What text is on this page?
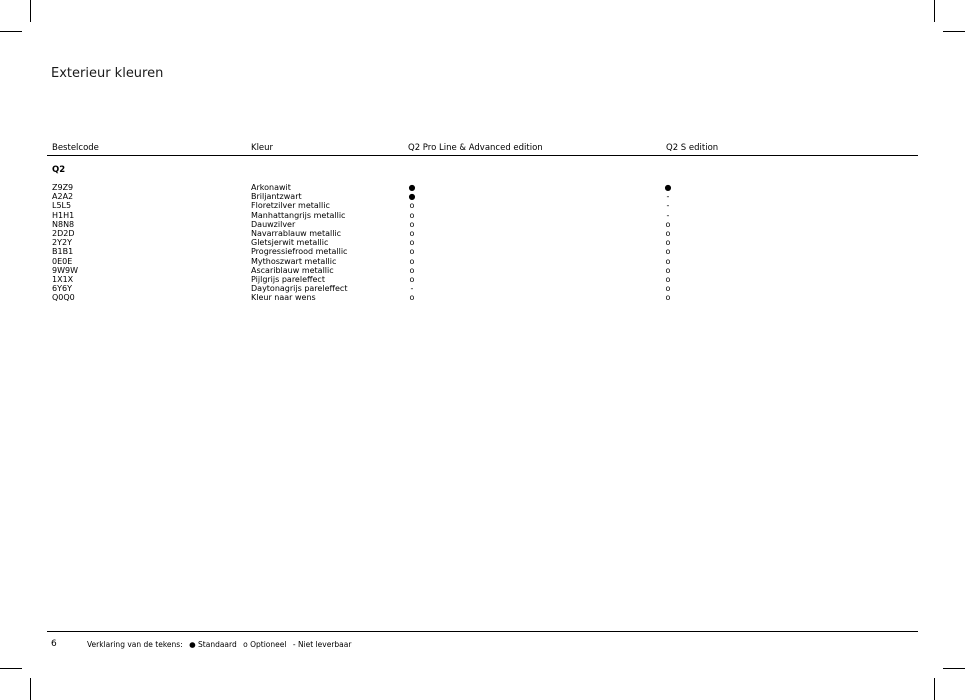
Exterieur kleuren
Bestelcode	Kleur	Q2 Pro Line & Advanced edition	Q2 S edition
Q2
Z9Z9	Arkonawit	●	●
A2A2	Briljantzwart	●	-
L5L5	Floretzilver metallic	o	-
H1H1	Manhattangrijs metallic	o	-
N8N8	Dauwzilver	o	o
2D2D	Navarrablauw metallic	o	o
2Y2Y	Gletsjerwit metallic	o	o
B1B1	Progressiefrood metallic	o	o
0E0E	Mythoszwart metallic	o	o
9W9W	Ascariblauw metallic	o	o
1X1X	Pijlgrijs pareleffect	o	o
6Y6Y	Daytonagrijs pareleffect	-	o
Q0Q0	Kleur naar wens	o	o
6	Verklaring van de tekens: ● Standaard o Optioneel - Niet leverbaar
